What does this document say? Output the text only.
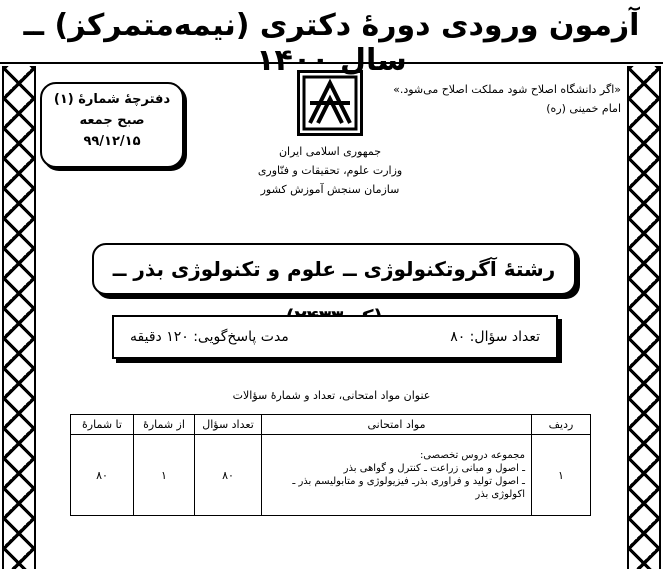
آزمون ورودی دورهٔ دکتری (نیمه‌متمرکز) ــ سال ۱۴۰۰
دفترچهٔ شمارهٔ (۱)
صبح جمعه
۹۹/۱۲/۱۵
«اگر دانشگاه اصلاح شود مملکت اصلاح می‌شود.»
امام خمینی (ره)
جمهوری اسلامی ایران
وزارت علوم، تحقیقات و فنّاوری
سازمان سنجش آموزش کشور
رشتهٔ آگروتکنولوژی ــ علوم و تکنولوژی بذر ــ
تعداد سؤال: ۸۰
مدت پاسخ‌گویی: ۱۲۰ دقیقه
عنوان مواد امتحانی، تعداد و شمارهٔ سؤالات
ردیف	مواد امتحانی	تعداد سؤال	از شمارهٔ	تا شمارهٔ
۱	مجموعه دروس تخصصی:
ـ اصول و مبانی زراعت ـ کنترل و گواهی بذر
ـ اصول تولید و فراوری بذرـ فیزیولوژی و متابولیسم بذر ـ
اکولوژی بذر	۸۰	۱	۸۰
